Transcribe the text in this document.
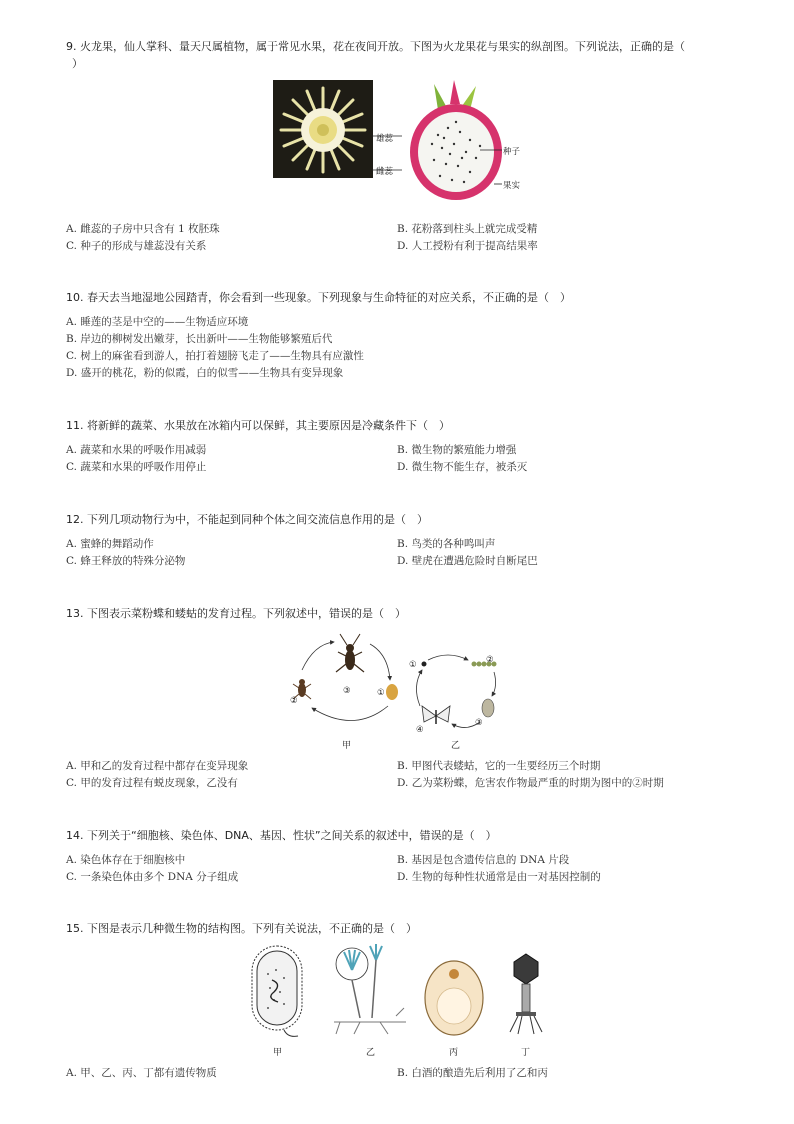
9. 火龙果，仙人掌科、量天尺属植物，属于常见水果，花在夜间开放。下图为火龙果花与果实的纵剖图。下列说法，正确的是（
）
雄蕊
雌蕊
种子
果实
A. 雌蕊的子房中只含有 1 枚胚珠	B. 花粉落到柱头上就完成受精
C. 种子的形成与雄蕊没有关系	D. 人工授粉有利于提高结果率
10. 春天去当地湿地公园踏青，你会看到一些现象。下列现象与生命特征的对应关系，不正确的是（　）
A. 睡莲的茎是中空的——生物适应环境
B. 岸边的柳树发出嫩芽，长出新叶——生物能够繁殖后代
C. 树上的麻雀看到游人，拍打着翅膀飞走了——生物具有应激性
D. 盛开的桃花，粉的似霞，白的似雪——生物具有变异现象
11. 将新鲜的蔬菜、水果放在冰箱内可以保鲜，其主要原因是冷藏条件下（　）
A. 蔬菜和水果的呼吸作用减弱	B. 微生物的繁殖能力增强
C. 蔬菜和水果的呼吸作用停止	D. 微生物不能生存，被杀灭
12. 下列几项动物行为中，不能起到同种个体之间交流信息作用的是（　）
A. 蜜蜂的舞蹈动作	B. 鸟类的各种鸣叫声
C. 蜂王释放的特殊分泌物	D. 壁虎在遭遇危险时自断尾巴
13. 下图表示菜粉蝶和蝼蛄的发育过程。下列叙述中，错误的是（　）
②
③	①
甲
①	②
③
④
乙
A. 甲和乙的发育过程中都存在变异现象	B. 甲图代表蝼蛄，它的一生要经历三个时期
C. 甲的发育过程有蜕皮现象，乙没有	D. 乙为菜粉蝶，危害农作物最严重的时期为图中的②时期
14. 下列关于“细胞核、染色体、DNA、基因、性状”之间关系的叙述中，错误的是（　）
A. 染色体存在于细胞核中	B. 基因是包含遗传信息的 DNA 片段
C. 一条染色体由多个 DNA 分子组成	D. 生物的每种性状通常是由一对基因控制的
15. 下图是表示几种微生物的结构图。下列有关说法，不正确的是（　）
甲	乙	丙	丁
A. 甲、乙、丙、丁都有遗传物质	B. 白酒的酿造先后利用了乙和丙
